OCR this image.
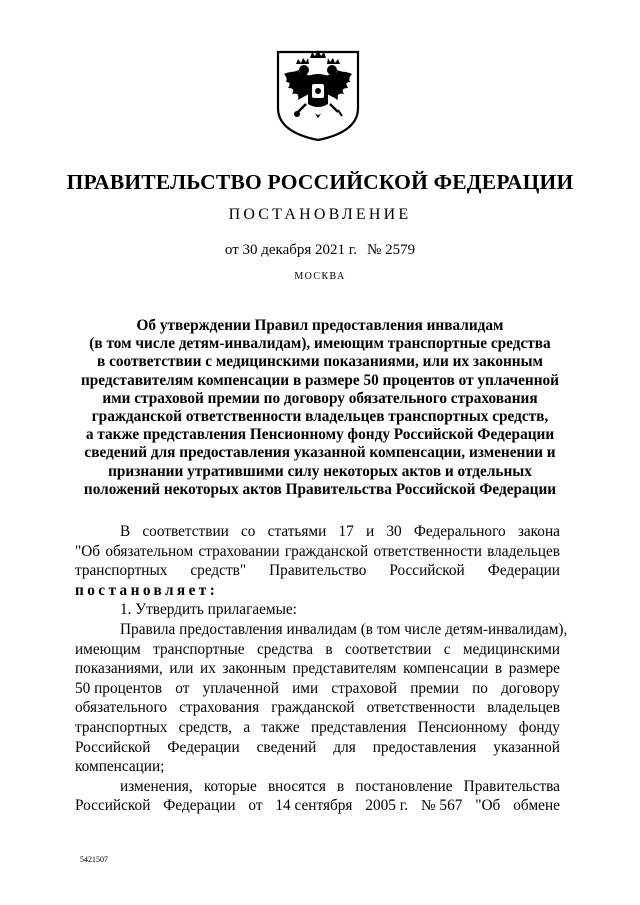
ПРАВИТЕЛЬСТВО РОССИЙСКОЙ ФЕДЕРАЦИИ
ПОСТАНОВЛЕНИЕ
от 30 декабря 2021 г. № 2579
МОСКВА
Об утверждении Правил предоставления инвалидам
(в том числе детям-инвалидам), имеющим транспортные средства
в соответствии с медицинскими показаниями, или их законным
представителям компенсации в размере 50 процентов от уплаченной
ими страховой премии по договору обязательного страхования
гражданской ответственности владельцев транспортных средств,
а также представления Пенсионному фонду Российской Федерации
сведений для предоставления указанной компенсации, изменении и
признании утратившими силу некоторых актов и отдельных
положений некоторых актов Правительства Российской Федерации
В соответствии со статьями 17 и 30 Федерального закона
"Об обязательном страховании гражданской ответственности владельцев
транспортных средств" Правительство Российской Федерации
постановляет:
1. Утвердить прилагаемые:
Правила предоставления инвалидам (в том числе детям-инвалидам),
имеющим транспортные средства в соответствии с медицинскими
показаниями, или их законным представителям компенсации в размере
50 процентов от уплаченной ими страховой премии по договору
обязательного страхования гражданской ответственности владельцев
транспортных средств, а также представления Пенсионному фонду
Российской Федерации сведений для предоставления указанной
компенсации;
изменения, которые вносятся в постановление Правительства
Российской Федерации от 14 сентября 2005 г. № 567 "Об обмене
5421507
